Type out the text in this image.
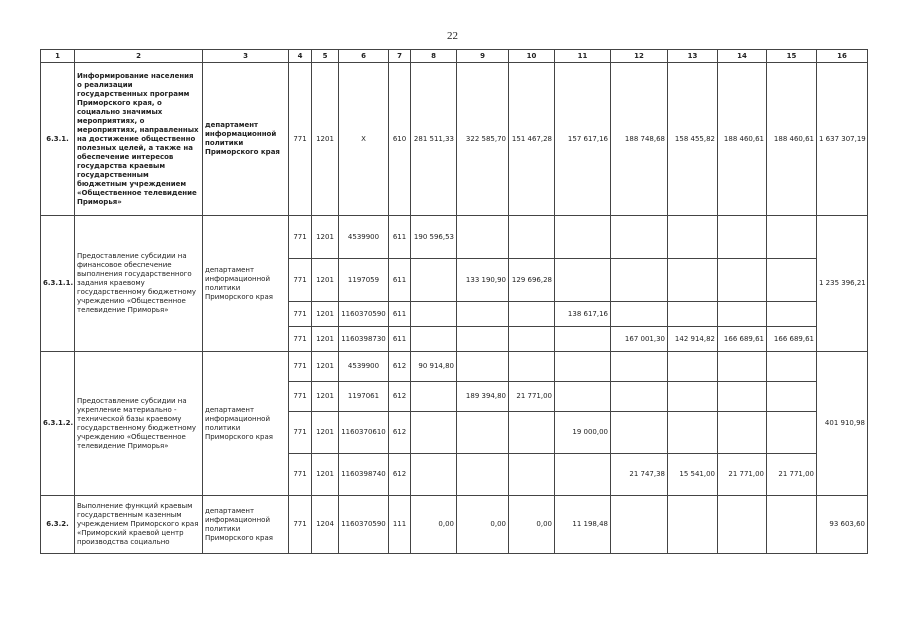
22
1	2	3	4	5	6	7	8	9	10	11	12	13	14	15	16
6.3.1.	Информирование населения о реализации государственных программ Приморского края, о социально значимых мероприятиях, о мероприятиях, направленных на достижение общественно полезных целей, а также на обеспечение интересов государства краевым государственным бюджетным учреждением «Общественное телевидение Приморья»	департамент информационной политики Приморского края	771	1201	Х	610	281 511,33	322 585,70	151 467,28	157 617,16	188 748,68	158 455,82	188 460,61	188 460,61	1 637 307,19
6.3.1.1.	Предоставление субсидии на финансовое обеспечение выполнения государственного задания краевому государственному бюджетному учреждению «Общественное телевидение Приморья»	департамент информационной политики Приморского края	771	1201	4539900	611	190 596,53								1 235 396,21
			771	1201	1197059	611		133 190,90	129 696,28						
			771	1201	1160370590	611				138 617,16					
			771	1201	1160398730	611					167 001,30	142 914,82	166 689,61	166 689,61	
6.3.1.2.	Предоставление субсидии на укрепление материально - технической базы краевому государственному бюджетному учреждению «Общественное телевидение Приморья»	департамент информационной политики Приморского края	771	1201	4539900	612	90 914,80								401 910,98
			771	1201	1197061	612		189 394,80	21 771,00						
			771	1201	1160370610	612				19 000,00					
			771	1201	1160398740	612					21 747,38	15 541,00	21 771,00	21 771,00	
6.3.2.	Выполнение функций краевым государственным казенным учреждением Приморского края «Приморский краевой центр производства социально	департамент информационной политики Приморского края	771	1204	1160370590	111	0,00	0,00	0,00	11 198,48					93 603,60
